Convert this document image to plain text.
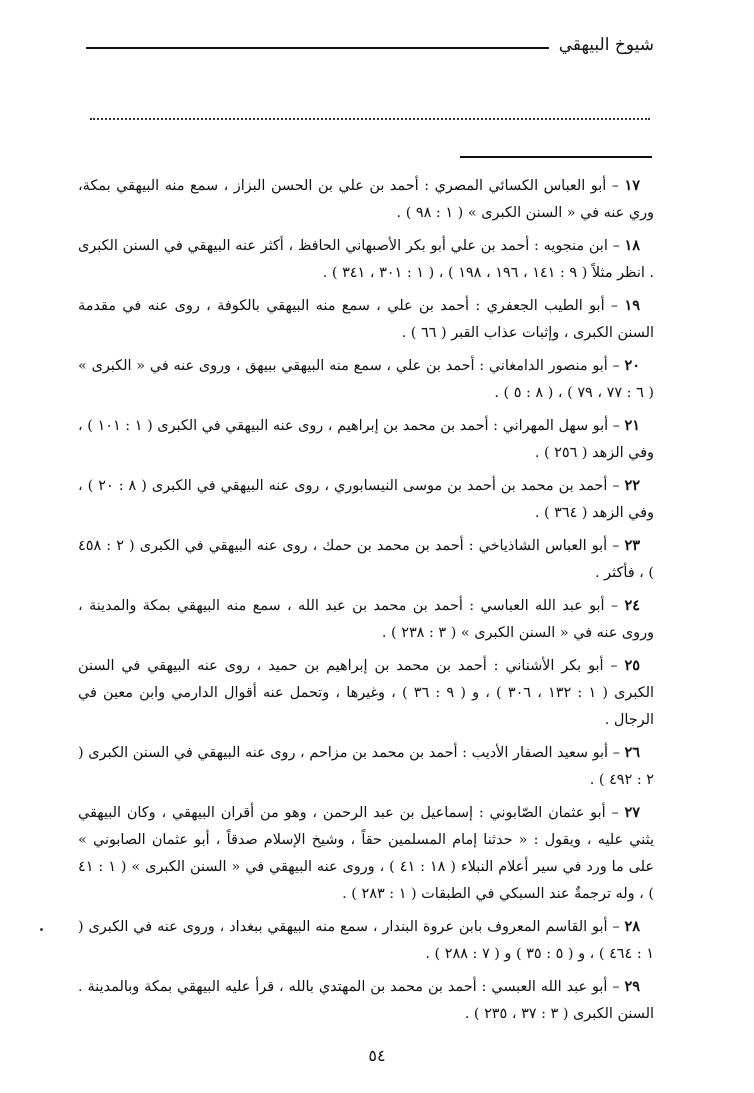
شيوخ البيهقي

١٧ – أبو العباس الكسائي المصري : أحمد بن علي بن الحسن البزاز ، سمع منه البيهقي بمكة، وري عنه في « السنن الكبرى » ( ١ : ٩٨ ) .

١٨ – ابن منجويه : أحمد بن علي أبو بكر الأصبهاني الحافظ ، أكثر عنه البيهقي في السنن الكبرى . انظر مثلاً ( ٩ : ١٤١ ، ١٩٦ ، ١٩٨ ) ، ( ١ : ٣٠١ ، ٣٤١ ) .

١٩ – أبو الطيب الجعفري : أحمد بن علي ، سمع منه البيهقي بالكوفة ، روى عنه في مقدمة السنن الكبرى ، وإثبات عذاب القبر ( ٦٦ ) .

٢٠ – أبو منصور الدامغاني : أحمد بن علي ، سمع منه البيهقي ببيهق ، وروى عنه في « الكبرى » ( ٦ : ٧٧ ، ٧٩ ) ، ( ٨ : ٥ ) .

٢١ – أبو سهل المهراني : أحمد بن محمد بن إبراهيم ، روى عنه البيهقي في الكبرى ( ١ : ١٠١ ) ، وفي الزهد ( ٢٥٦ ) .

٢٢ – أحمد بن محمد بن أحمد بن موسى النيسابوري ، روى عنه البيهقي في الكبرى ( ٨ : ٢٠ ) ، وفي الزهد ( ٣٦٤ ) .

٢٣ – أبو العباس الشاذياخي : أحمد بن محمد بن حمك ، روى عنه البيهقي في الكبرى ( ٢ : ٤٥٨ ) ، فأكثر .

٢٤ – أبو عبد الله العباسي : أحمد بن محمد بن عبد الله ، سمع منه البيهقي بمكة والمدينة ، وروى عنه في « السنن الكبرى » ( ٣ : ٢٣٨ ) .

٢٥ – أبو بكر الأشناني : أحمد بن محمد بن إبراهيم بن حميد ، روى عنه البيهقي في السنن الكبرى ( ١ : ١٣٢ ، ٣٠٦ ) ، و ( ٩ : ٣٦ ) ، وغيرها ، وتحمل عنه أقوال الدارمي وابن معين في الرجال .

٢٦ – أبو سعيد الصفار الأديب : أحمد بن محمد بن مزاحم ، روى عنه البيهقي في السنن الكبرى ( ٢ : ٤٩٢ ) .

٢٧ – أبو عثمان الصّابوني : إسماعيل بن عبد الرحمن ، وهو من أقران البيهقي ، وكان البيهقي يثني عليه ، ويقول : « حدثنا إمام المسلمين حقاً ، وشيخ الإسلام صدقاً ، أبو عثمان الصابوني » على ما ورد في سير أعلام النبلاء ( ١٨ : ٤١ ) ، وروى عنه البيهقي في « السنن الكبرى » ( ١ : ٤١ ) ، وله ترجمةٌ عند السبكي في الطبقات ( ١ : ٢٨٣ ) .

٢٨ – أبو القاسم المعروف بابن عروة البندار ، سمع منه البيهقي ببغداد ، وروى عنه في الكبرى ( ١ : ٤٦٤ ) ، و ( ٥ : ٣٥ ) و ( ٧ : ٢٨٨ ) .

٢٩ – أبو عبد الله العبسي : أحمد بن محمد بن المهتدي بالله ، قرأ عليه البيهقي بمكة وبالمدينة . السنن الكبرى ( ٣ : ٣٧ ، ٢٣٥ ) .

٥٤
